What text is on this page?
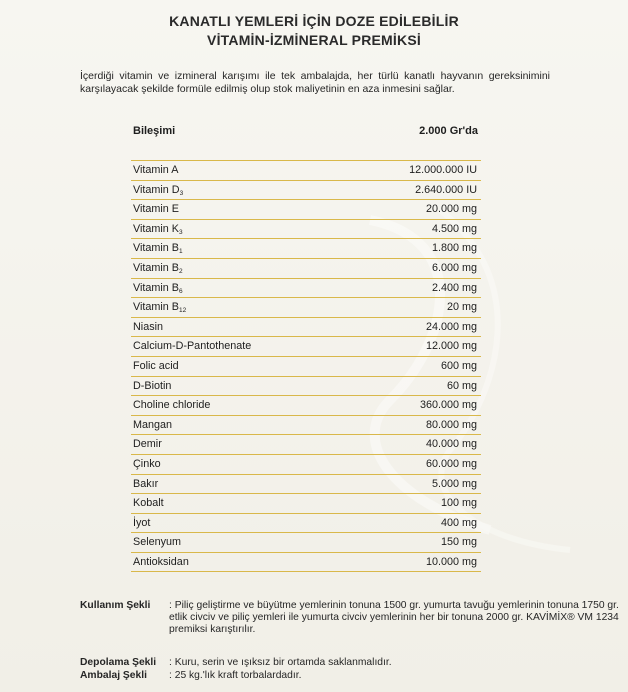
KANATLI YEMLERİ İÇİN DOZE EDİLEBİLİR
VİTAMİN-İZMİNERAL PREMİKSİ
İçerdiği vitamin ve izmineral karışımı ile tek ambalajda, her türlü kanatlı hayvanın gereksinimini karşılayacak şekilde formüle edilmiş olup stok maliyetinin en aza inmesini sağlar.
Bileşimi	2.000 Gr'da
Vitamin A	12.000.000 IU
Vitamin $D_3$	2.640.000 IU
Vitamin E	20.000 mg
Vitamin $K_3$	4.500 mg
Vitamin $B_1$	1.800 mg
Vitamin $B_2$	6.000 mg
Vitamin $B_6$	2.400 mg
Vitamin $B_{12}$	20 mg
Niasin	24.000 mg
Calcium-D-Pantothenate	12.000 mg
Folic acid	600 mg
D-Biotin	60 mg
Choline chloride	360.000 mg
Mangan	80.000 mg
Demir	40.000 mg
Çinko	60.000 mg
Bakır	5.000 mg
Kobalt	100 mg
İyot	400 mg
Selenyum	150 mg
Antioksidan	10.000 mg
Kullanım Şekli : Piliç geliştirme ve büyütme yemlerinin tonuna 1500 gr. yumurta tavuğu yemlerinin tonuna 1750 gr. etlik civciv ve piliç yemleri ile yumurta civciv yemlerinin her bir tonuna 2000 gr. KAVİMİX® VM 1234 premiksi karıştırılır.
Depolama Şekli : Kuru, serin ve ışıksız bir ortamda saklanmalıdır.
Ambalaj Şekli : 25 kg.'lık kraft torbalardadır.
